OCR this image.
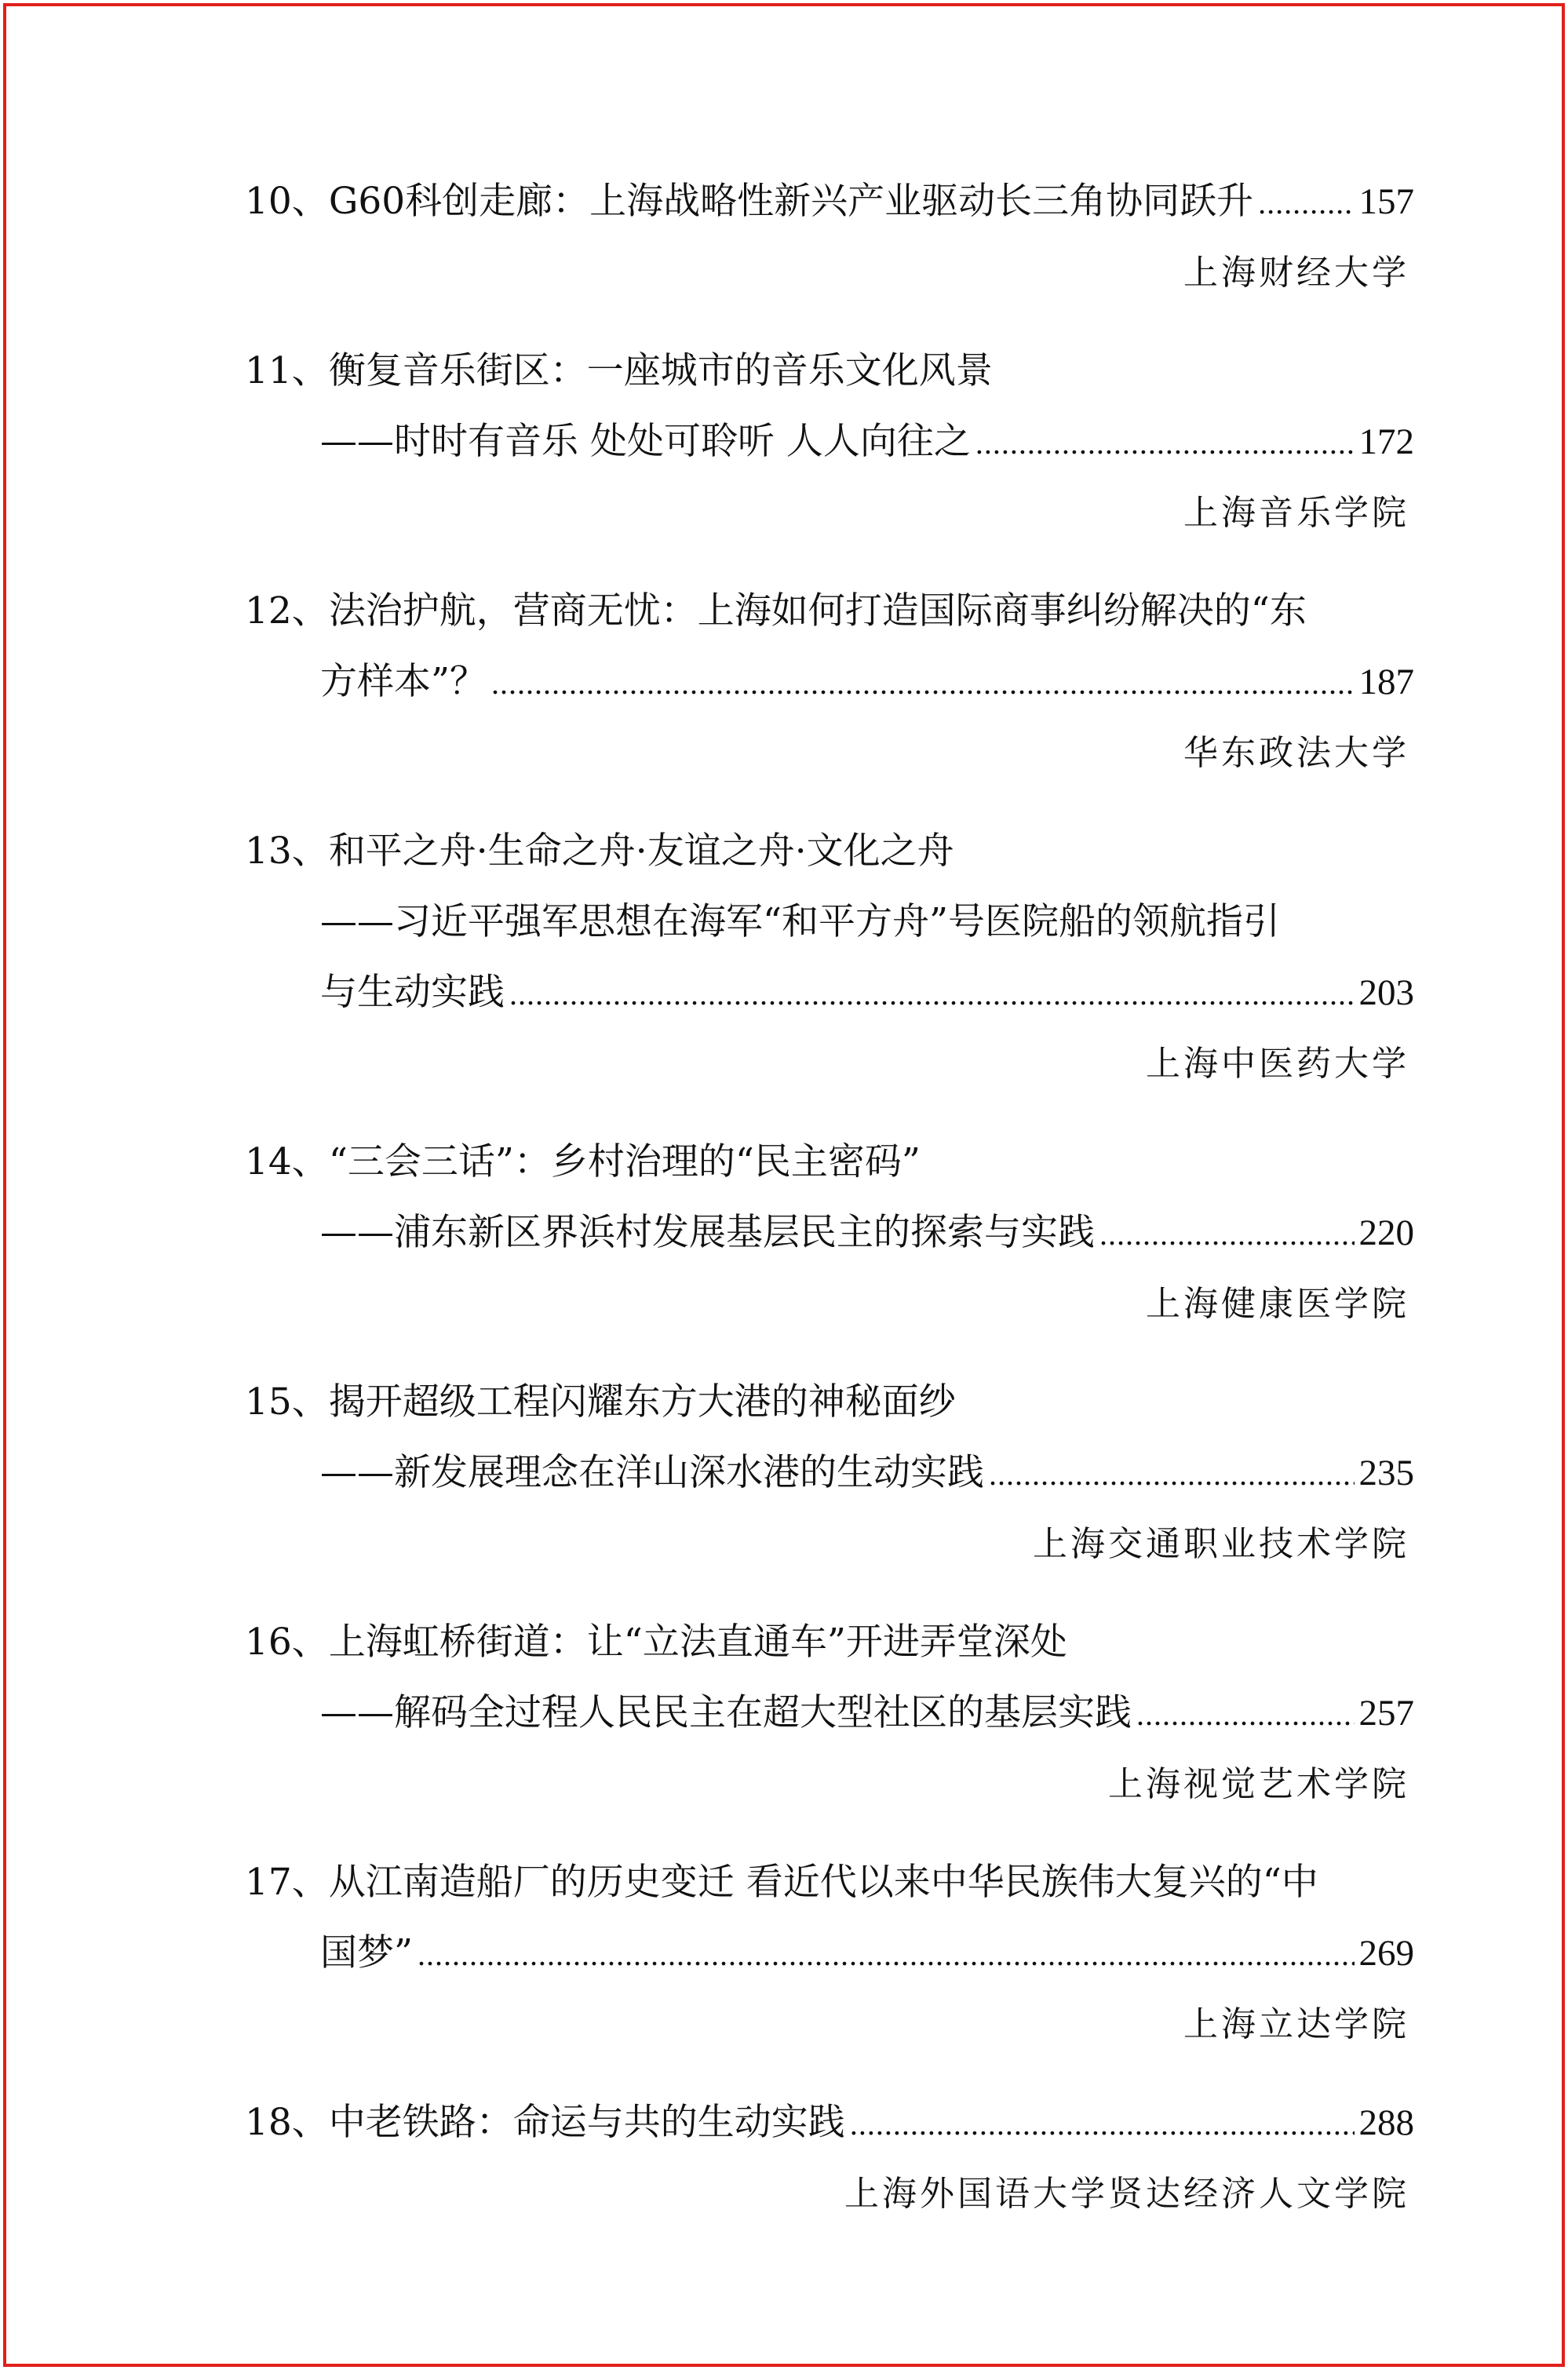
10、 G60科创走廊：上海战略性新兴产业驱动长三角协同跃升 .....	157
上海财经大学
11、 衡复音乐街区：一座城市的音乐文化风景
——时时有音乐 处处可聆听 人人向往之 .....	172
上海音乐学院
12、 法治护航，营商无忧：上海如何打造国际商事纠纷解决的“东
方样本”？ .....	187
华东政法大学
13、 和平之舟·生命之舟·友谊之舟·文化之舟
——习近平强军思想在海军“和平方舟”号医院船的领航指引
与生动实践 .....	203
上海中医药大学
14、 “三会三话”：乡村治理的“民主密码”
——浦东新区界浜村发展基层民主的探索与实践 .....	220
上海健康医学院
15、 揭开超级工程闪耀东方大港的神秘面纱
——新发展理念在洋山深水港的生动实践 .....	235
上海交通职业技术学院
16、 上海虹桥街道：让“立法直通车”开进弄堂深处
——解码全过程人民民主在超大型社区的基层实践 .....	257
上海视觉艺术学院
17、 从江南造船厂的历史变迁 看近代以来中华民族伟大复兴的“中
国梦” .....	269
上海立达学院
18、 中老铁路：命运与共的生动实践 .....	288
上海外国语大学贤达经济人文学院
